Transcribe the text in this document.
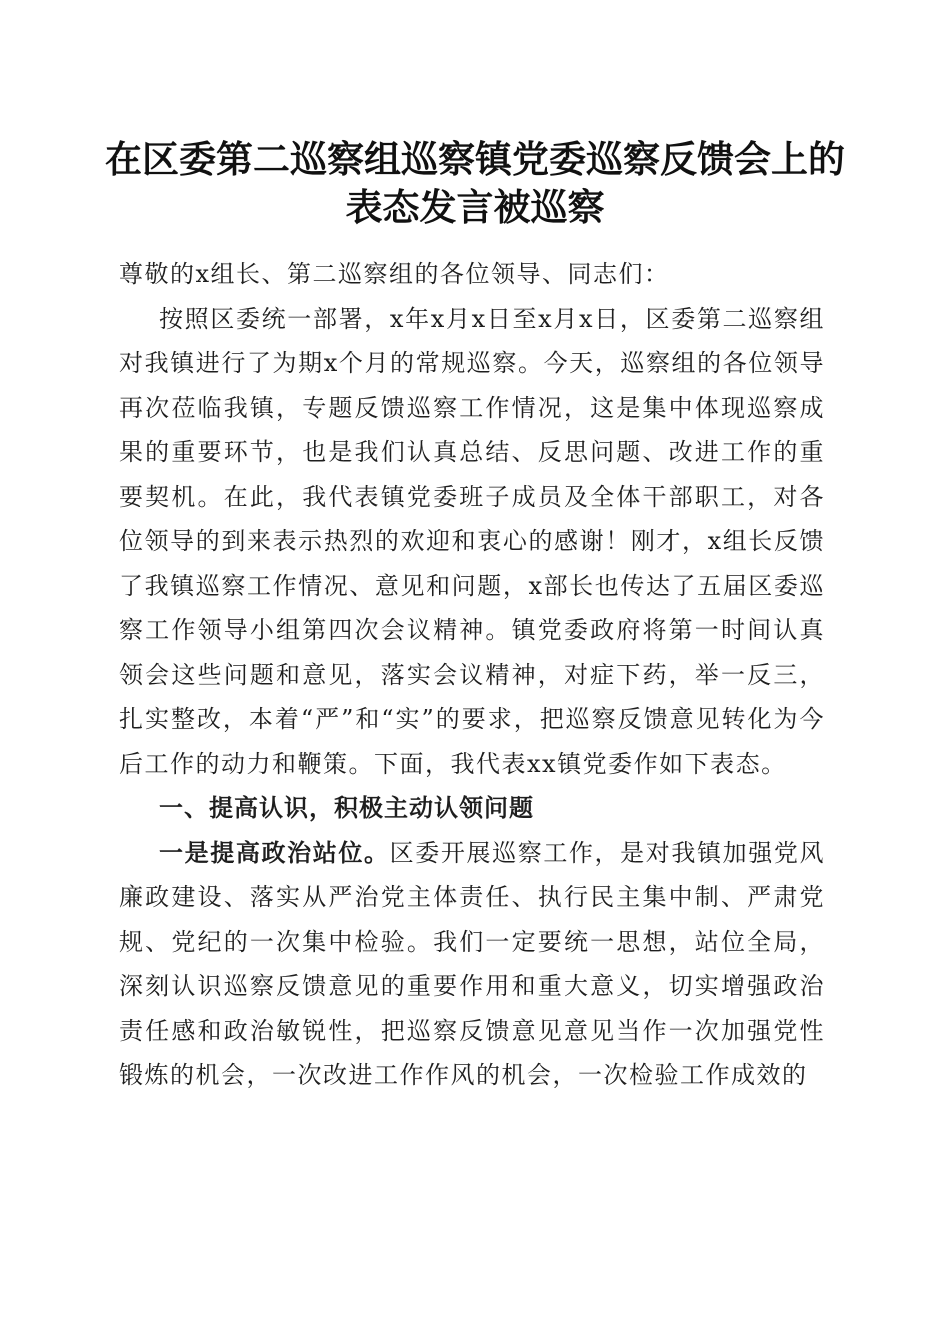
在区委第二巡察组巡察镇党委巡察反馈会上的
表态发言被巡察

尊敬的x组长、第二巡察组的各位领导、同志们：

按照区委统一部署，x年x月x日至x月x日，区委第二巡察组对我镇进行了为期x个月的常规巡察。今天，巡察组的各位领导再次莅临我镇，专题反馈巡察工作情况，这是集中体现巡察成果的重要环节，也是我们认真总结、反思问题、改进工作的重要契机。在此，我代表镇党委班子成员及全体干部职工，对各位领导的到来表示热烈的欢迎和衷心的感谢！刚才，x组长反馈了我镇巡察工作情况、意见和问题，x部长也传达了五届区委巡察工作领导小组第四次会议精神。镇党委政府将第一时间认真领会这些问题和意见，落实会议精神，对症下药，举一反三，扎实整改，本着“严”和“实”的要求，把巡察反馈意见转化为今后工作的动力和鞭策。下面，我代表xx镇党委作如下表态。

一、提高认识，积极主动认领问题

一是提高政治站位。区委开展巡察工作，是对我镇加强党风廉政建设、落实从严治党主体责任、执行民主集中制、严肃党规、党纪的一次集中检验。我们一定要统一思想，站位全局，深刻认识巡察反馈意见的重要作用和重大意义，切实增强政治责任感和政治敏锐性，把巡察反馈意见意见当作一次加强党性锻炼的机会，一次改进工作作风的机会，一次检验工作成效的
